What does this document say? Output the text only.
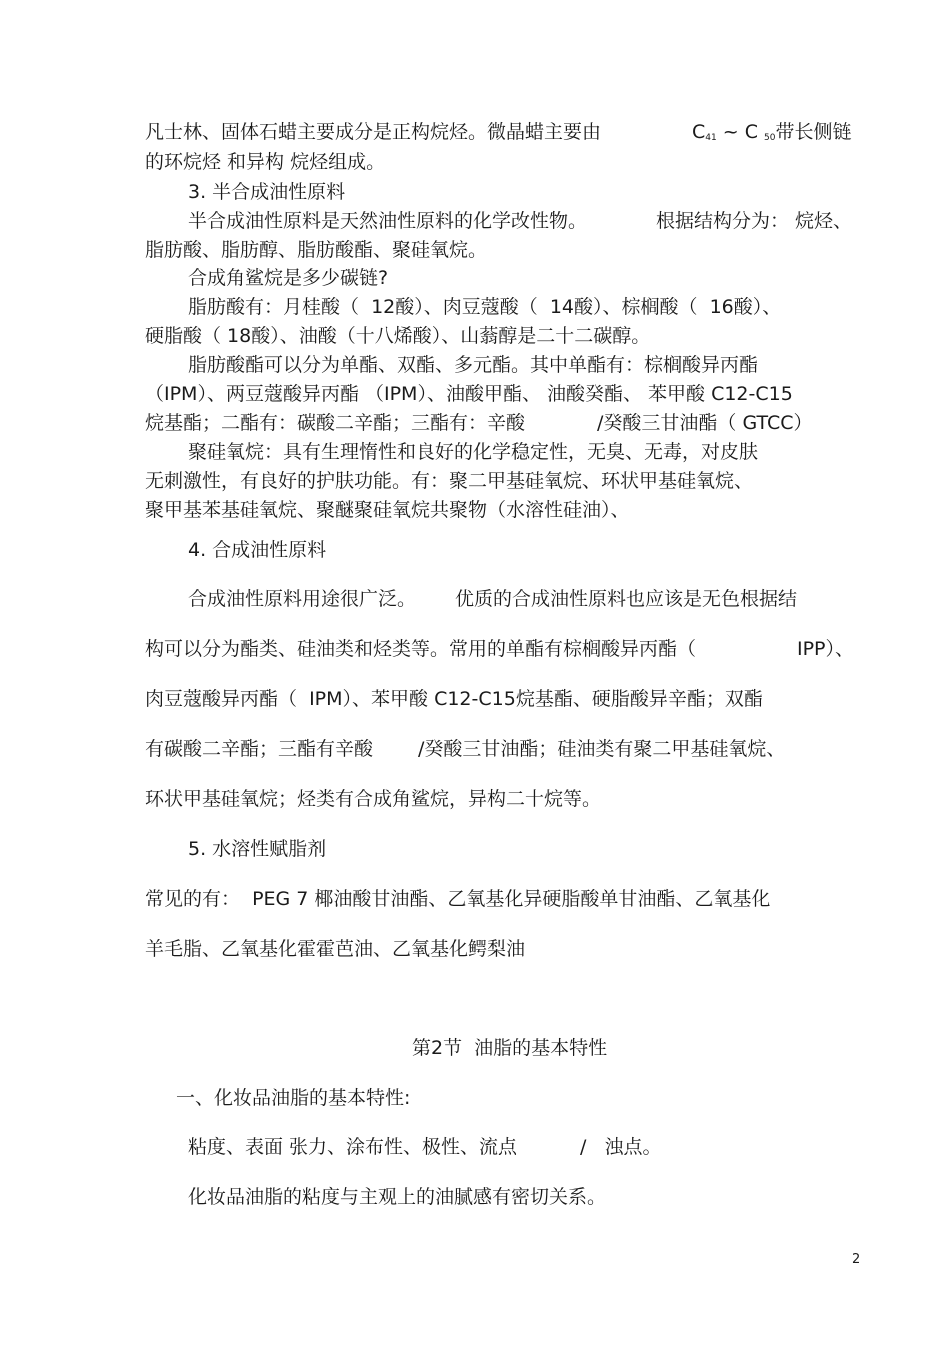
凡士林、固体石蜡主要成分是正构烷烃。微晶蜡主要由	$C_{41}$ ~ C $_{50}$带长侧链
的环烷烃 和异构 烷烃组成。
3. 半合成油性原料
半合成油性原料是天然油性原料的化学改性物。	根据结构分为： 烷烃、
脂肪酸、脂肪醇、脂肪酸酯、聚硅氧烷。
合成角鲨烷是多少碳链?
脂肪酸有：月桂酸（  12酸）、肉豆蔻酸（  14酸）、棕榈酸（  16酸）、
硬脂酸（ 18酸）、油酸（十八烯酸）、山蓊醇是二十二碳醇。
脂肪酸酯可以分为单酯、双酯、多元酯。其中单酯有：棕榈酸异丙酯
（IPM）、两豆蔻酸异丙酯 （IPM）、油酸甲酯、 油酸癸酯、 苯甲酸 C12-C15
烷基酯；二酯有：碳酸二辛酯；三酯有：辛酸	/癸酸三甘油酯（ GTCC）
聚硅氧烷：具有生理惰性和良好的化学稳定性，无臭、无毒，对皮肤
无刺激性，有良好的护肤功能。有：聚二甲基硅氧烷、环状甲基硅氧烷、
聚甲基苯基硅氧烷、聚醚聚硅氧烷共聚物（水溶性硅油）、
4. 合成油性原料
合成油性原料用途很广泛。 优质的合成油性原料也应该是无色根据结
构可以分为酯类、硅油类和烃类等。常用的单酯有棕榈酸异丙酯（	IPP）、
肉豆蔻酸异丙酯（  IPM）、苯甲酸 C12-C15烷基酯、硬脂酸异辛酯；双酯
有碳酸二辛酯；三酯有辛酸 /癸酸三甘油酯；硅油类有聚二甲基硅氧烷、
环状甲基硅氧烷；烃类有合成角鲨烷，异构二十烷等。
5. 水溶性赋脂剂
常见的有：  PEG 7 椰油酸甘油酯、乙氧基化异硬脂酸单甘油酯、乙氧基化
羊毛脂、乙氧基化霍霍芭油、乙氧基化鳄梨油
第2节  油脂的基本特性
一、化妆品油脂的基本特性:
粘度、表面 张力、涂布性、极性、流点	/   浊点。
化妆品油脂的粘度与主观上的油腻感有密切关系。
2
